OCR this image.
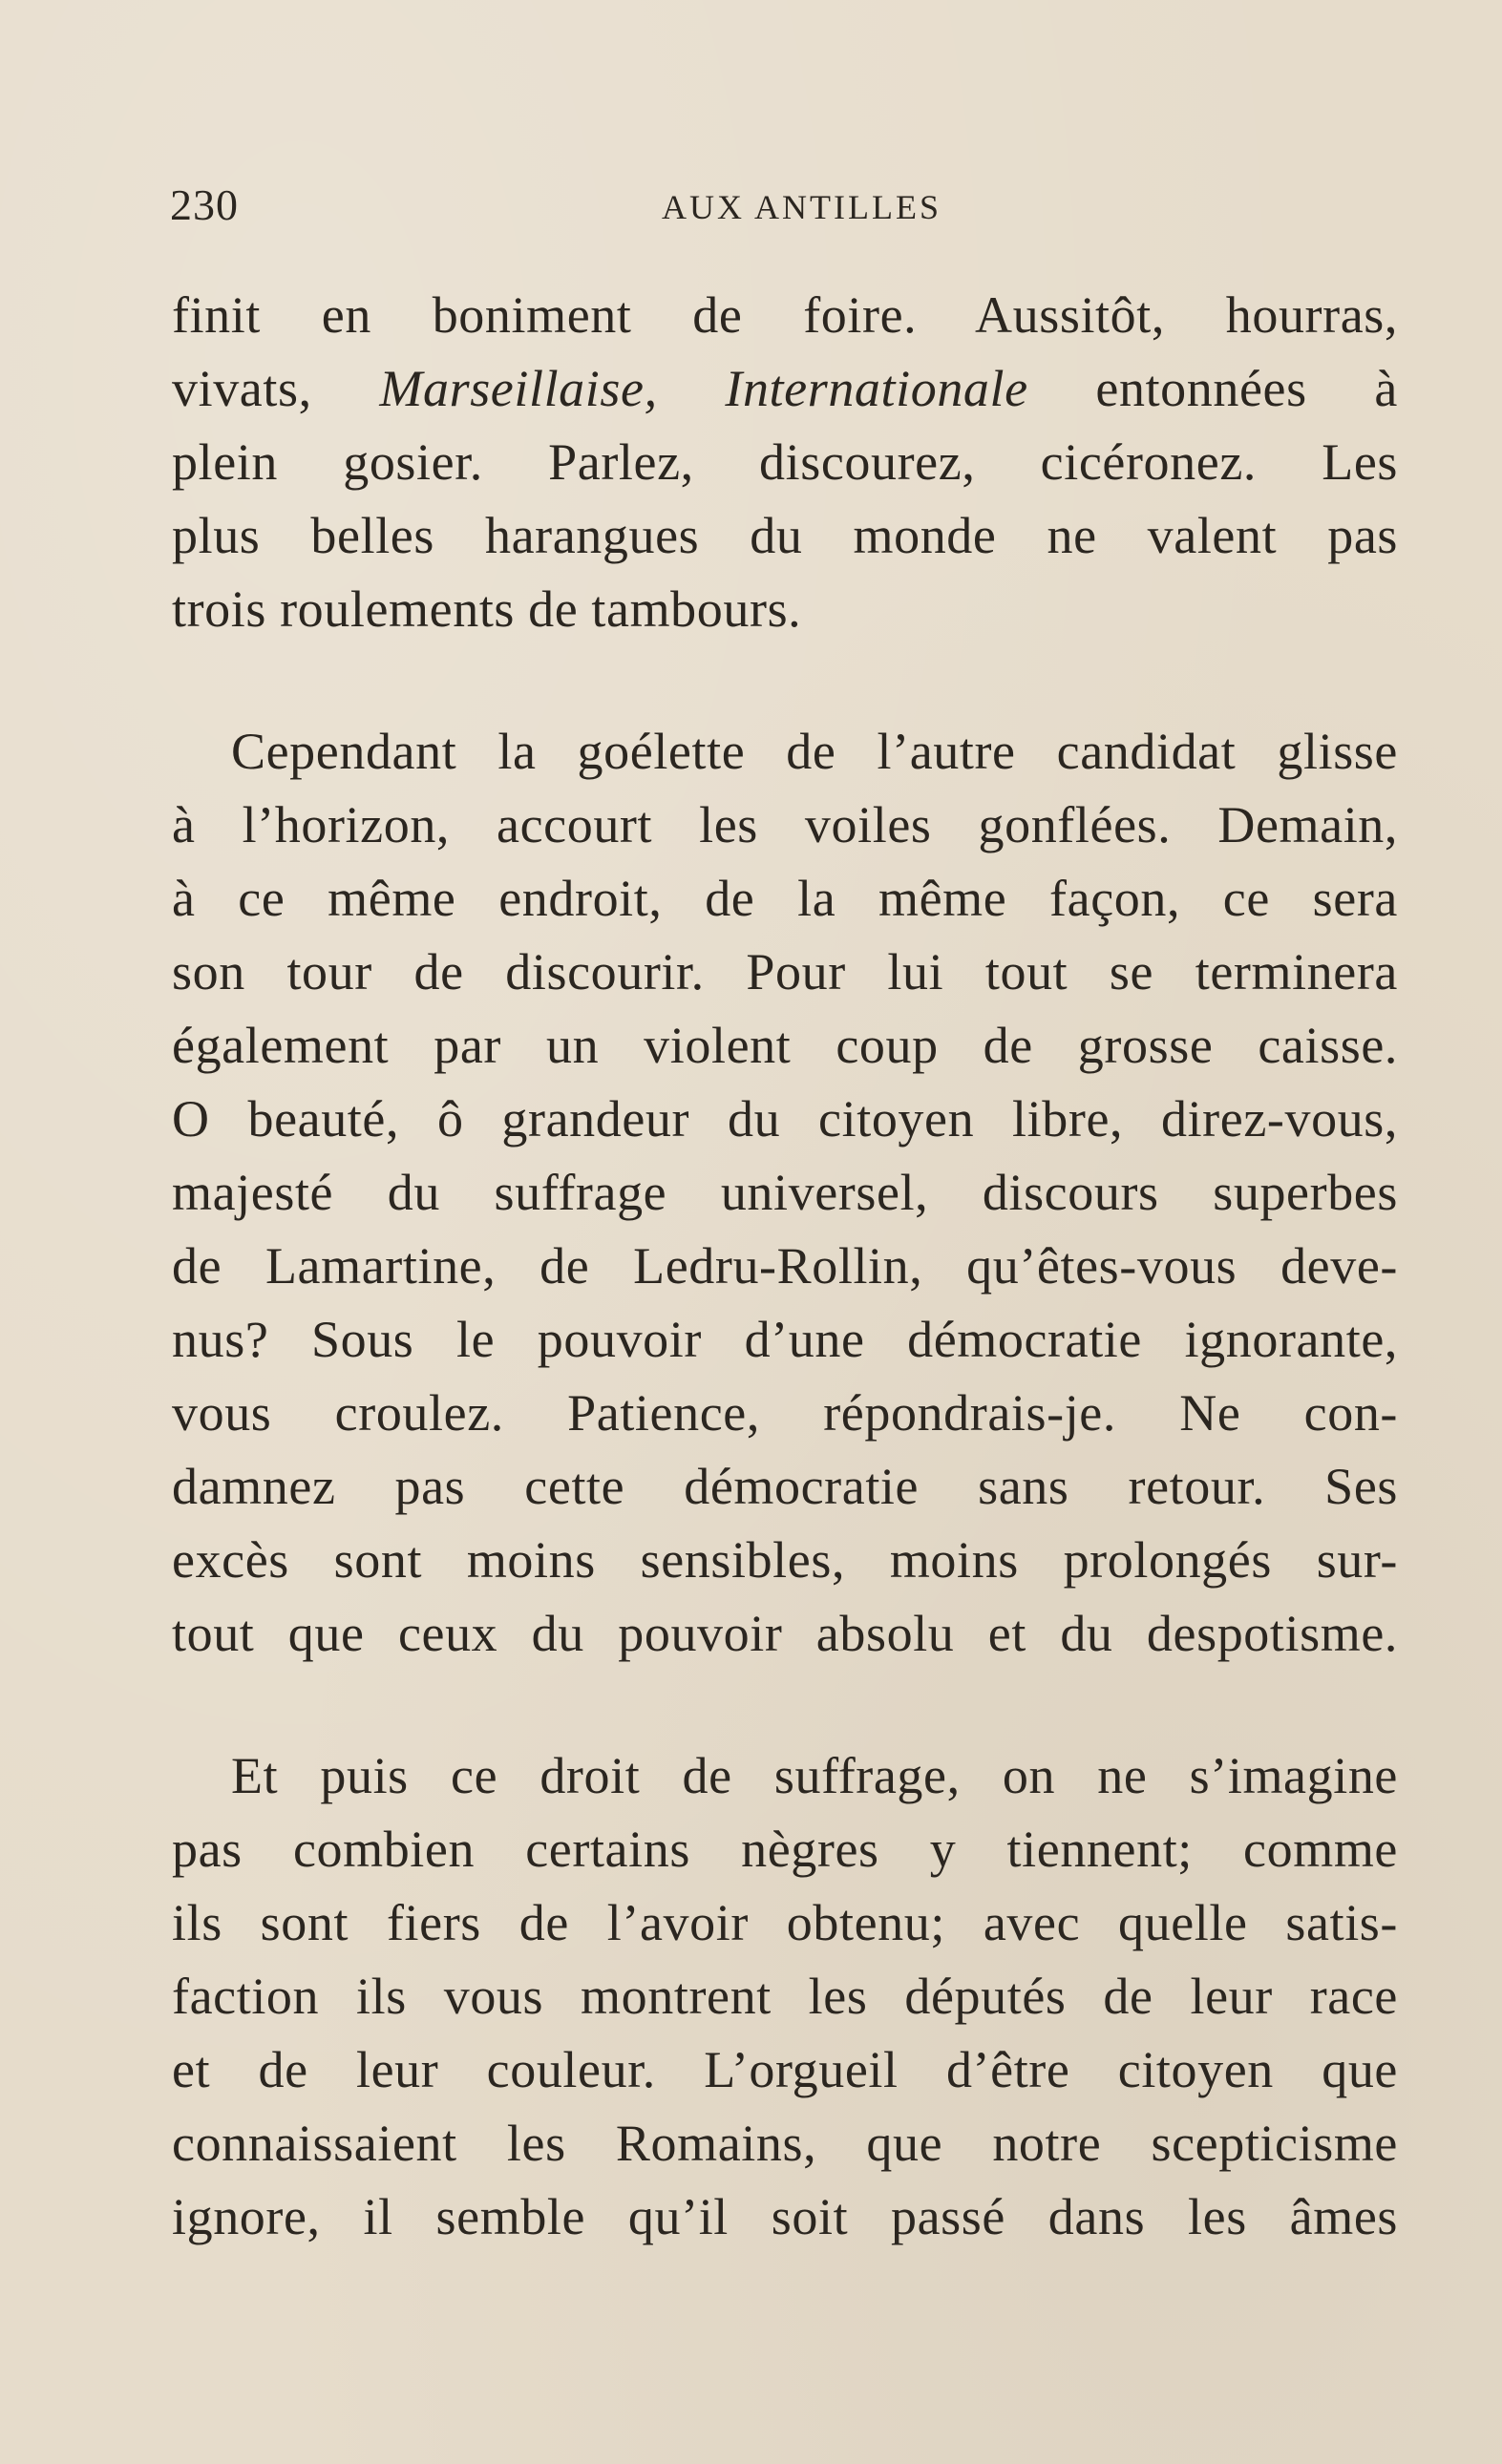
230	AUX ANTILLES
finit en boniment de foire. Aussitôt, hourras,
vivats, Marseillaise, Internationale entonnées à
plein gosier. Parlez, discourez, cicéronez. Les
plus belles harangues du monde ne valent pas
trois roulements de tambours.
Cependant la goélette de l’autre candidat glisse
à l’horizon, accourt les voiles gonflées. Demain,
à ce même endroit, de la même façon, ce sera
son tour de discourir. Pour lui tout se terminera
également par un violent coup de grosse caisse.
O beauté, ô grandeur du citoyen libre, direz-vous,
majesté du suffrage universel, discours superbes
de Lamartine, de Ledru-Rollin, qu’êtes-vous deve-
nus? Sous le pouvoir d’une démocratie ignorante,
vous croulez. Patience, répondrais-je. Ne con-
damnez pas cette démocratie sans retour. Ses
excès sont moins sensibles, moins prolongés sur-
tout que ceux du pouvoir absolu et du despotisme.
Et puis ce droit de suffrage, on ne s’imagine
pas combien certains nègres y tiennent; comme
ils sont fiers de l’avoir obtenu; avec quelle satis-
faction ils vous montrent les députés de leur race
et de leur couleur. L’orgueil d’être citoyen que
connaissaient les Romains, que notre scepticisme
ignore, il semble qu’il soit passé dans les âmes
